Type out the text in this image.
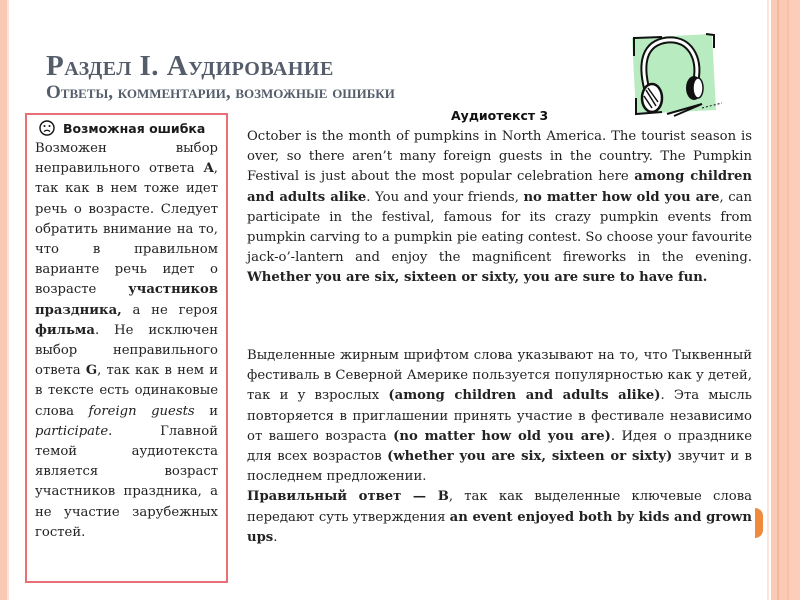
Раздел I. Аудирование
Ответы, комментарии, возможные ошибки
Возможная ошибка

Возможен выбор неправильного ответа A, так как в нем тоже идет речь о возрасте. Следует обратить внимание на то, что в правильном варианте речь идет о возрасте участников праздника, а не героя фильма. Не исключен выбор неправильного ответа G, так как в нем и в тексте есть одинаковые слова foreign guests и participate. Главной темой аудиотекста является возраст участников праздника, а не участие зарубежных гостей.

Аудиотекст 3

October is the month of pumpkins in North America. The tourist season is over, so there aren’t many foreign guests in the country. The Pumpkin Festival is just about the most popular celebration here among children and adults alike. You and your friends, no matter how old you are, can participate in the festival, famous for its crazy pumpkin events from pumpkin carving to a pumpkin pie eating contest. So choose your favourite jack-o’-lantern and enjoy the magnificent fireworks in the evening. Whether you are six, sixteen or sixty, you are sure to have fun.

Выделенные жирным шрифтом слова указывают на то, что Тыквенный фестиваль в Северной Америке пользуется популярностью как у детей, так и у взрослых (among children and adults alike). Эта мысль повторяется в приглашении принять участие в фестивале независимо от вашего возраста (no matter how old you are). Идея о празднике для всех возрастов (whether you are six, sixteen or sixty) звучит и в последнем предложении.

Правильный ответ — B, так как выделенные ключевые слова передают суть утверждения an event enjoyed both by kids and grown ups.
